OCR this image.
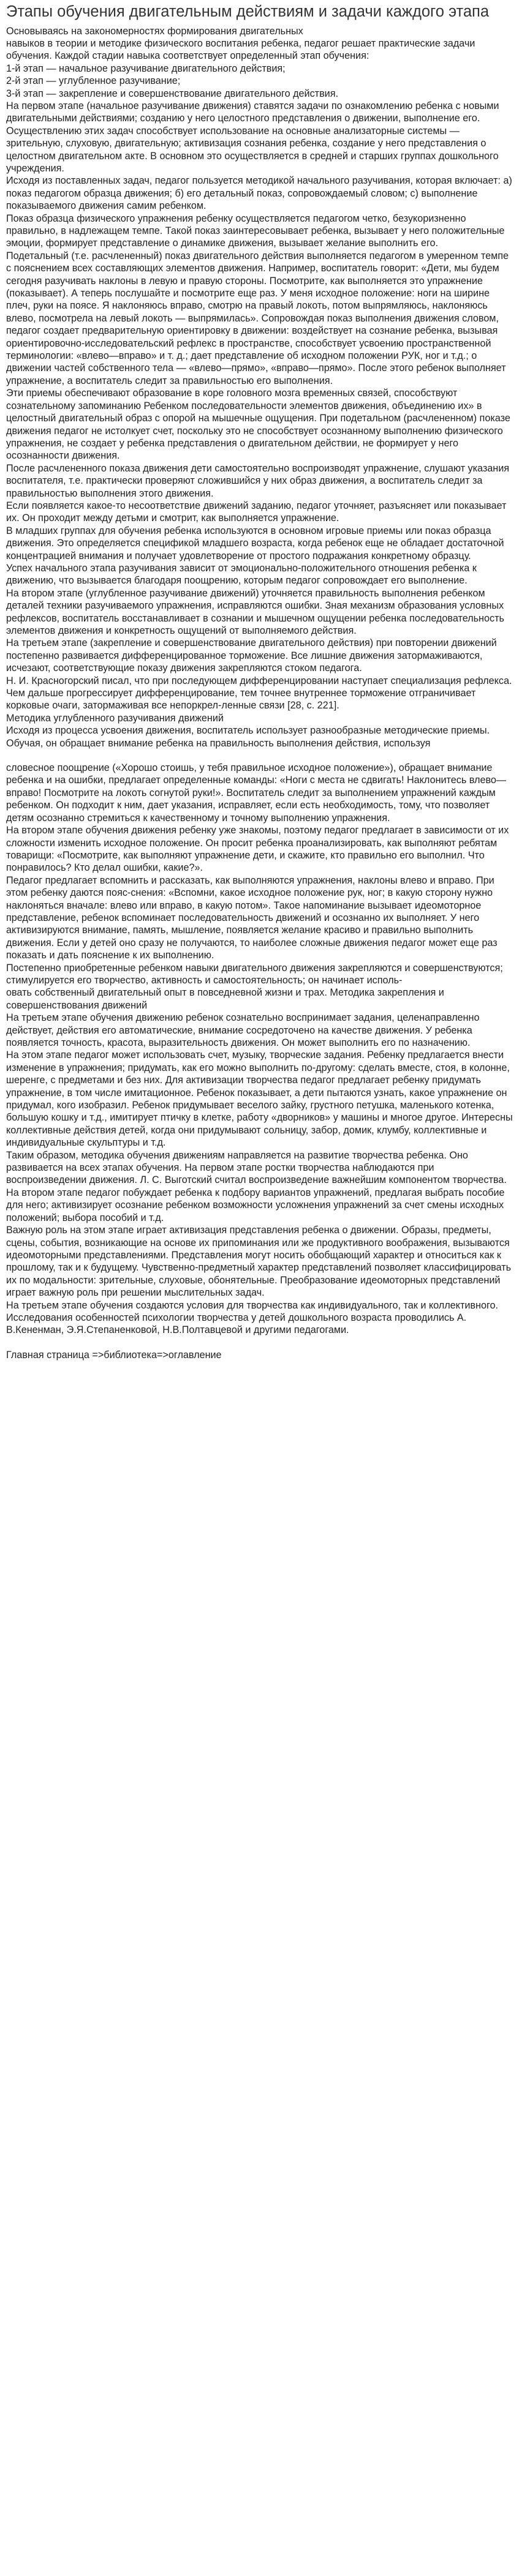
Этапы обучения двигательным действиям и задачи каждого этапа

Основываясь на закономерностях формирования двигательных
навыков в теории и методике физического воспитания ребенка, педагог решает практические задачи обучения. Каждой стадии навыка соответствует определенный этап обучения:
1-й этап — начальное разучивание двигательного действия;
2-й этап — углубленное разучивание;
3-й этап — закрепление и совершенствование двигательного действия.
На первом этапе (начальное разучивание движения) ставятся задачи по ознакомлению ребенка с новыми двигательными действиями; созданию у него целостного представления о движении, выполнение его. Осуществлению этих задач способствует использование на основные анализаторные системы — зрительную, слуховую, двигательную; активизация сознания ребенка, создание у него представления о целостном двигательном акте. В основном это осуществляется в средней и старших группах дошкольного учреждения.
Исходя из поставленных задач, педагог пользуется методикой начального разучивания, которая включает: а) показ педагогом образца движения; б) его детальный показ, сопровождаемый словом; с) выполнение показываемого движения самим ребенком.
Показ образца физического упражнения ребенку осуществляется педагогом четко, безукоризненно правильно, в надлежащем темпе. Такой показ заинтересовывает ребенка, вызывает у него положительные эмоции, формирует представление о динамике движения, вызывает желание выполнить его.
Подетальный (т.е. расчлененный) показ двигательного действия выполняется педагогом в умеренном темпе с пояснением всех составляющих элементов движения. Например, воспитатель говорит: «Дети, мы будем сегодня разучивать наклоны в левую и правую стороны. Посмотрите, как выполняется это упражнение (показывает). А теперь послушайте и посмотрите еще раз. У меня исходное положение: ноги на ширине плеч, руки на поясе. Я наклоняюсь вправо, смотрю на правый локоть, потом выпрямляюсь, наклоняюсь влево, посмотрела на левый локоть — выпрямилась». Сопровождая показ выполнения движения словом, педагог создает предварительную ориентировку в движении: воздействует на сознание ребенка, вызывая ориентировочно-исследовательский рефлекс в пространстве, способствует усвоению пространственной терминологии: «влево—вправо» и т. д.; дает представление об исходном положении РУК, ног и т.д.; о движении частей собственного тела — «влево—прямо», «вправо—прямо». После этого ребенок выполняет упражнение, а воспитатель следит за правильностью его выполнения.
Эти приемы обеспечивают образование в коре головного мозга временных связей, способствуют сознательному запоминанию Ребенком последовательности элементов движения, объединению их» в целостный двигательный образ с опорой на мышечные ощущения. При подетальном (расчлененном) показе движения педагог не истолкует счет, поскольку это не способствует осознанному выполнению физического упражнения, не создает у ребенка представления о двигательном действии, не формирует у него осознанности движения.
После расчлененного показа движения дети самостоятельно воспроизводят упражнение, слушают указания воспитателя, т.е. практически проверяют сложившийся у них образ движения, а воспитатель следит за правильностью выполнения этого движения.
Если появляется какое-то несоответствие движений заданию, педагог уточняет, разъясняет или показывает их. Он проходит между детьми и смотрит, как выполняется упражнение.
В младших группах для обучения ребенка используются в основном игровые приемы или показ образца движения. Это определяется спецификой младшего возраста, когда ребенок еще не обладает достаточной концентрацией внимания и получает удовлетворение от простого подражания конкретному образцу.
Успех начального этапа разучивания зависит от эмоционально-положительного отношения ребенка к движению, что вызывается благодаря поощрению, которым педагог сопровождает его выполнение.
На втором этапе (углубленное разучивание движений) уточняется правильность выполнения ребенком деталей техники разучиваемого упражнения, исправляются ошибки. Зная механизм образования условных рефлексов, воспитатель восстанавливает в сознании и мышечном ощущении ребенка последовательность элементов движения и конкретность ощущений от выполняемого действия.
На третьем этапе (закрепление и совершенствование двигательного действия) при повторении движений постепенно развивается дифференцированное торможение. Все лишние движения затормаживаются, исчезают, соответствующие показу движения закрепляются стоком педагога.
Н. И. Красногорский писал, что при последующем дифференцировании наступает специализация рефлекса. Чем дальше прогрессирует дифференцирование, тем точнее внутреннее торможение отграничивает корковые очаги, затормаживая все непоркрел-ленные связи [28, с. 221].
Методика углубленного разучивания движений
Исходя из процесса усвоения движения, воспитатель использует разнообразные методические приемы. Обучая, он обращает внимание ребенка на правильность выполнения действия, используя

словесное поощрение («Хорошо стоишь, у тебя правильное исходное положение»), обращает внимание ребенка и на ошибки, предлагает определенные команды: «Ноги с места не сдвигать! Наклонитесь влево—вправо! Посмотрите на локоть согнутой руки!». Воспитатель следит за выполнением упражнений каждым ребенком. Он подходит к ним, дает указания, исправляет, если есть необходимость, тому, что позволяет детям осознанно стремиться к качественному и точному выполнению упражнения.
На втором этапе обучения движения ребенку уже знакомы, поэтому педагог предлагает в зависимости от их сложности изменить исходное положение. Он просит ребенка проанализировать, как выполняют ребятам товарищи: «Посмотрите, как выполняют упражнение дети, и скажите, кто правильно его выполнил. Что понравилось? Кто делал ошибки, какие?».
Педагог предлагает вспомнить и рассказать, как выполняются упражнения, наклоны влево и вправо. При этом ребенку даются пояс-снения: «Вспомни, какое исходное положение рук, ног; в какую сторону нужно наклоняться вначале: влево или вправо, в какую потом». Такое напоминание вызывает идеомоторное представление, ребенок вспоминает последовательность движений и осознанно их выполняет. У него активизируются внимание, память, мышление, появляется желание красиво и правильно выполнить движения. Если у детей оно сразу не получаются, то наиболее сложные движения педагог может еще раз показать и дать пояснение к их выполнению.
Постепенно приобретенные ребенком навыки двигательного движения закрепляются и совершенствуются; стимулируется его творчество, активность и самостоятельность; он начинает исполь-
овать собственный двигательный опыт в повседневной жизни и тpax. Методика закрепления и совершенствования движений
На третьем этапе обучения движению ребенок сознательно воспринимает задания, целенаправленно действует, действия его автоматические, внимание сосредоточено на качестве движения. У ребенка появляется точность, красота, выразительность движения. Он может выполнить его по назначению.
На этом этапе педагог может использовать счет, музыку, творческие задания. Ребенку предлагается внести изменение в упражнения; придумать, как его можно выполнить по-другому: сделать вместе, стоя, в колонне, шеренге, с предметами и без них. Для активизации творчества педагог предлагает ребенку придумать упражнение, в том числе имитационное. Ребенок показывает, а дети пытаются узнать, какое упражнение он придумал, кого изобразил. Ребенок придумывает веселого зайку, грустного петушка, маленького котенка, большую кошку и т.д., имитирует птичку в клетке, работу «дворников» у машины и многое другое. Интересны коллективные действия детей, когда они придумывают сольницу, забор, домик, клумбу, коллективные и индивидуальные скульптуры и т.д.
Таким образом, методика обучения движениям направляется на развитие творчества ребенка. Оно развивается на всех этапах обучения. На первом этапе ростки творчества наблюдаются при воспроизведении движения. Л. С. Выготский считал воспроизведение важнейшим компонентом творчества.
На втором этапе педагог побуждает ребенка к подбору вариантов упражнений, предлагая выбрать пособие для него; активизирует осознание ребенком возможности усложнения упражнений за счет смены исходных положений; выбора пособий и т.д.
Важную роль на этом этапе играет активизация представления ребенка о движении. Образы, предметы, сцены, события, возникающие на основе их припоминания или же продуктивного воображения, вызываются идеомоторными представлениями. Представления могут носить обобщающий характер и относиться как к прошлому, так и к будущему. Чувственно-предметный характер представлений позволяет классифицировать их по модальности: зрительные, слуховые, обонятельные. Преобразование идеомоторных представлений играет важную роль при решении мыслительных задач.
На третьем этапе обучения создаются условия для творчества как индивидуального, так и коллективного.
Исследования особенностей психологии творчества у детей дошкольного возраста проводились А. В.Кененман, Э.Я.Степаненковой, Н.В.Полтавцевой и другими педагогами.

Главная страница =>библиотека=>оглавление
